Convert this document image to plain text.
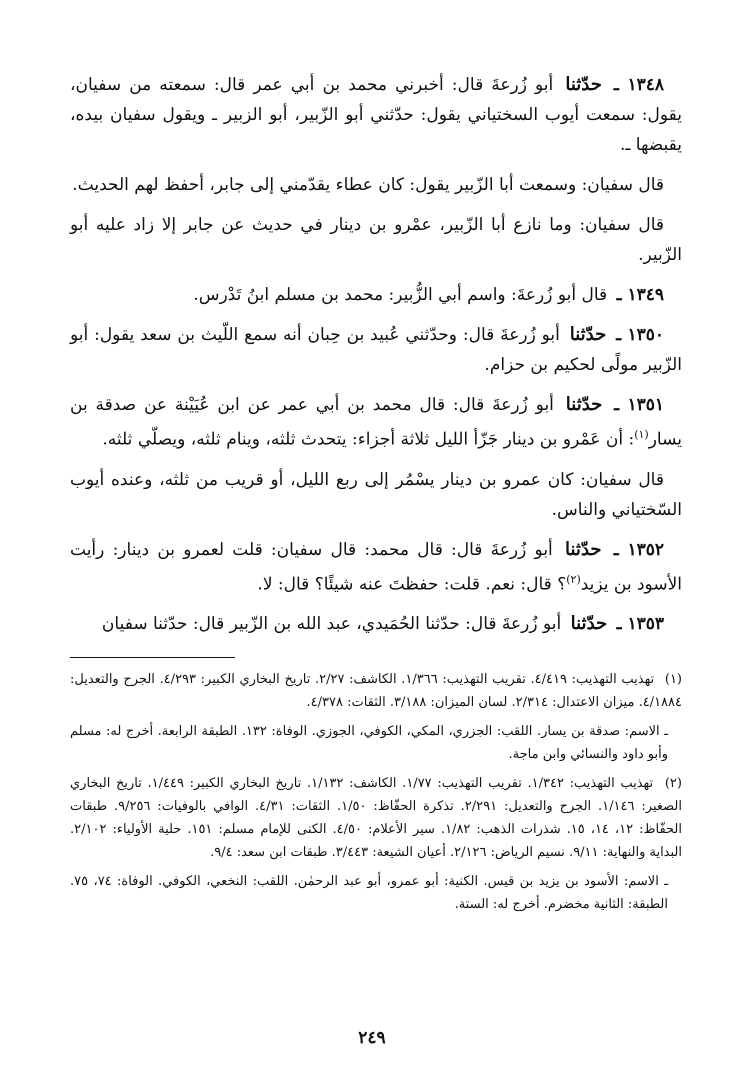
١٣٤٨ ـ حدّثنا أبو زُرعةَ قال: أخبرني محمد بن أبي عمر قال: سمعته من سفيان، يقول: سمعت أيوب السختياني يقول: حدّثني أبو الزّبير، أبو الزبير ـ ويقول سفيان بيده، يقبضها ـ.

قال سفيان: وسمعت أبا الزّبير يقول: كان عطاء يقدّمني إلى جابر، أحفظ لهم الحديث.

قال سفيان: وما نازع أبا الزّبير، عمْرو بن دينار في حديث عن جابر إلا زاد عليه أبو الزّبير.

١٣٤٩ ـ قال أبو زُرعةَ: واسم أبي الزُّبير: محمد بن مسلم ابنُ تَدْرس.

١٣٥٠ ـ حدّثنا أبو زُرعةَ قال: وحدّثني عُبيد بن حِبان أنه سمع اللّيث بن سعد يقول: أبو الزّبير مولًى لحكيم بن حزام.

١٣٥١ ـ حدّثنا أبو زُرعةَ قال: قال محمد بن أبي عمر عن ابن عُيَيْنة عن صدقة بن يسار$^{(١)}$: أن عَمْرو بن دينار جَزّأ الليل ثلاثة أجزاء: يتحدث ثلثه، وينام ثلثه، ويصلّي ثلثه.

قال سفيان: كان عمرو بن دينار يسْمُر إلى ربع الليل، أو قريب من ثلثه، وعنده أيوب السّختياني والناس.

١٣٥٢ ـ حدّثنا أبو زُرعةَ قال: قال محمد: قال سفيان: قلت لعمرو بن دينار: رأيت الأسود بن يزيد$^{(٢)}$؟ قال: نعم. قلت: حفظتَ عنه شيئًا؟ قال: لا.

١٣٥٣ ـ حدّثنا أبو زُرعةَ قال: حدّثنا الحُمَيدي، عبد الله بن الزّبير قال: حدّثنا سفيان

(١) تهذيب التهذيب: ٤/٤١٩. تقريب التهذيب: ١/٣٦٦. الكاشف: ٢/٢٧. تاريخ البخاري الكبير: ٤/٢٩٣. الجرح والتعديل: ٤/١٨٨٤. ميزان الاعتدال: ٢/٣١٤. لسان الميزان: ٣/١٨٨. الثقات: ٤/٣٧٨.

ـ الاسم: صدقة بن يسار. اللقب: الجزري، المكي، الكوفي، الجوزي. الوفاة: ١٣٢. الطبقة الرابعة. أخرج له: مسلم وأبو داود والنسائي وابن ماجة.

(٢) تهذيب التهذيب: ١/٣٤٢. تقريب التهذيب: ١/٧٧. الكاشف: ١/١٣٢. تاريخ البخاري الكبير: ١/٤٤٩. تاريخ البخاري الصغير: ١/١٤٦. الجرح والتعديل: ٢/٢٩١. تذكرة الحفّاظ: ١/٥٠. الثقات: ٤/٣١. الوافي بالوفيات: ٩/٢٥٦. طبقات الحفّاظ: ١٢، ١٤، ١٥. شذرات الذهب: ١/٨٢. سير الأعلام: ٤/٥٠. الكنى للإمام مسلم: ١٥١. حلية الأولياء: ٢/١٠٢. البداية والنهاية: ٩/١١. نسيم الرياض: ٢/١٢٦. أعيان الشيعة: ٣/٤٤٣. طبقات ابن سعد: ٩/٤.

ـ الاسم: الأسود بن يزيد بن قيس. الكنية: أبو عمرو، أبو عبد الرحمٰن. اللقب: النخعي، الكوفي. الوفاة: ٧٤، ٧٥. الطبقة: الثانية مخضرم. أخرج له: الستة.

٢٤٩
